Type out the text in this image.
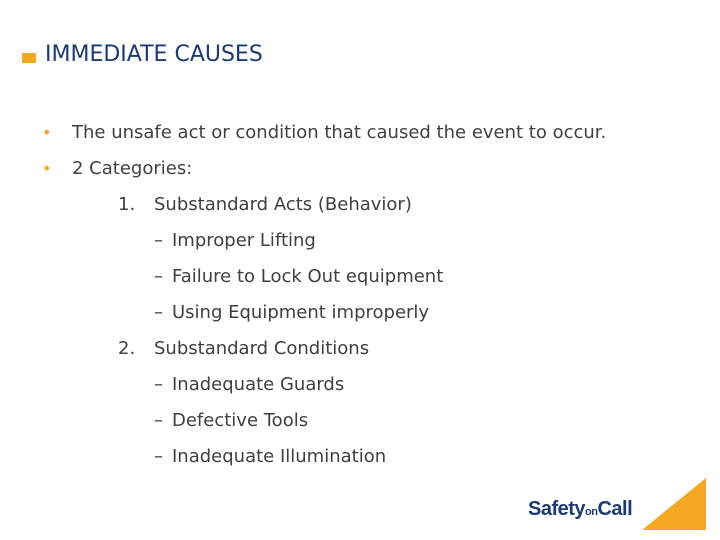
IMMEDIATE CAUSES
• The unsafe act or condition that caused the event to occur.
• 2 Categories:
1. Substandard Acts (Behavior)
– Improper Lifting
– Failure to Lock Out equipment
– Using Equipment improperly
2. Substandard Conditions
– Inadequate Guards
– Defective Tools
– Inadequate Illumination
SafetyonCall
